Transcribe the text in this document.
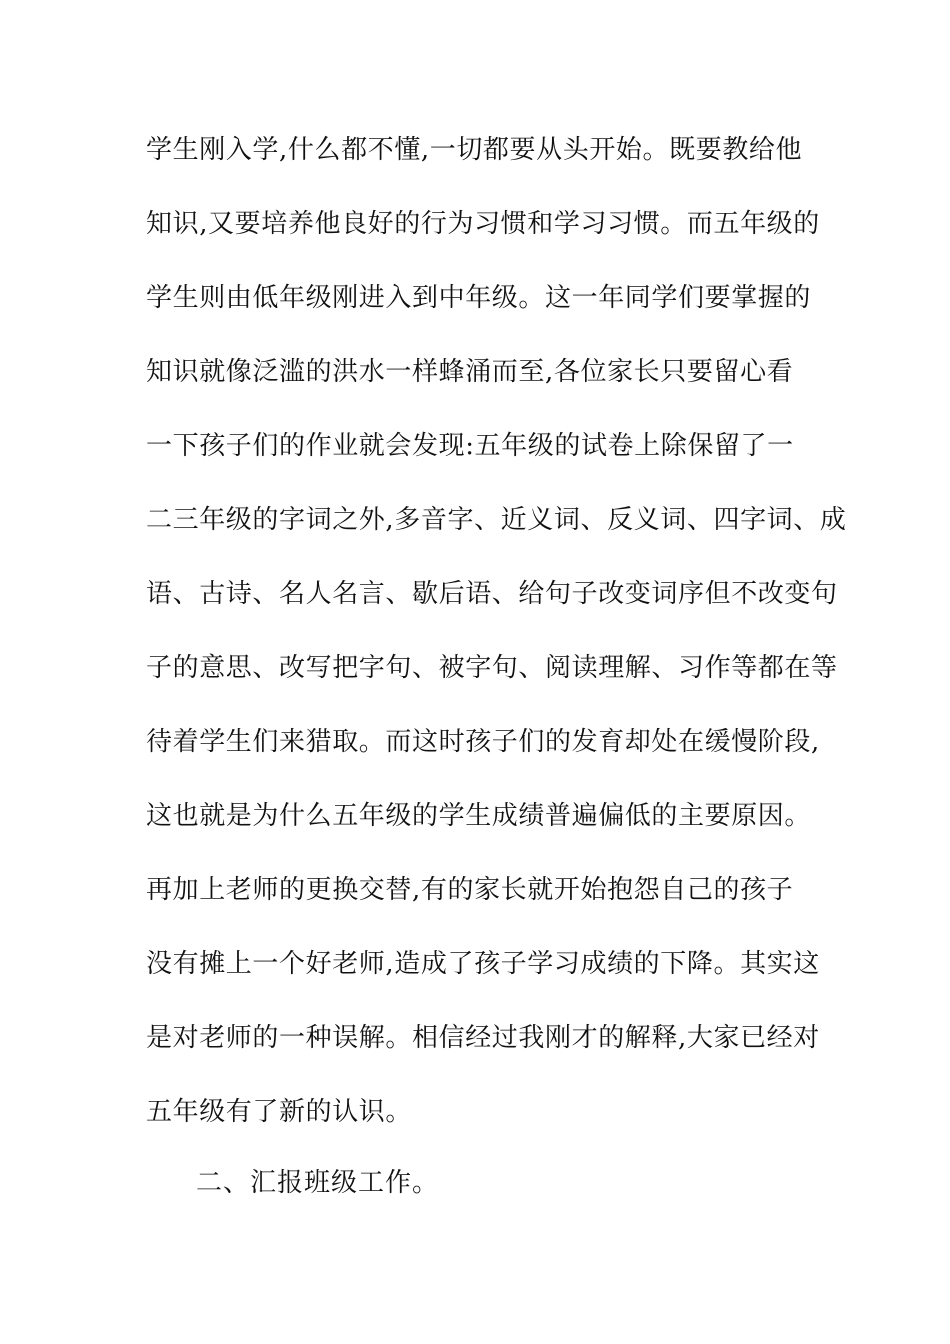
学生刚入学,什么都不懂,一切都要从头开始。既要教给他
知识,又要培养他良好的行为习惯和学习习惯。而五年级的
学生则由低年级刚进入到中年级。这一年同学们要掌握的
知识就像泛滥的洪水一样蜂涌而至,各位家长只要留心看
一下孩子们的作业就会发现:五年级的试卷上除保留了一
二三年级的字词之外,多音字、近义词、反义词、四字词、成
语、古诗、名人名言、歇后语、给句子改变词序但不改变句
子的意思、改写把字句、被字句、阅读理解、习作等都在等
待着学生们来猎取。而这时孩子们的发育却处在缓慢阶段,
这也就是为什么五年级的学生成绩普遍偏低的主要原因。
再加上老师的更换交替,有的家长就开始抱怨自己的孩子
没有摊上一个好老师,造成了孩子学习成绩的下降。其实这
是对老师的一种误解。相信经过我刚才的解释,大家已经对
五年级有了新的认识。
二、汇报班级工作。
